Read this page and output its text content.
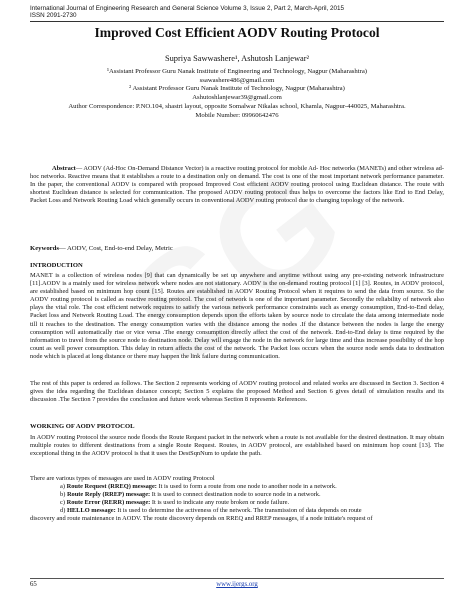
International Journal of Engineering Research and General Science Volume 3, Issue 2, Part 2, March-April, 2015
ISSN 2091-2730
Improved Cost Efficient AODV Routing Protocol
Supriya Sawwashere¹, Ashutosh Lanjewar²
¹Assistant Professor Guru Nanak Institute of Engineering and Technology, Nagpur (Maharashtra)
ssawashere486@gmail.com
² Assistant Professor Guru Nanak Institute of Technology, Nagpur (Maharashtra)
Ashutoshlanjewar39@gmail.com
Author Correspondence: P.NO.104, shastri layout, opposite Somalwar Nikalas school, Khamla, Nagpur-440025, Maharashtra.
Mobile Number: 09960642476

Abstract— AODV (Ad-Hoc On-Demand Distance Vector) is a reactive routing protocol for mobile Ad- Hoc networks (MANETs) and other wireless ad-hoc networks. Reactive means that it establishes a route to a destination only on demand. The cost is one of the most important network performance parameter. In the paper, the conventional AODV is compared with proposed Improved Cost efficient AODV routing protocol using Euclidean distance. The route with shortest Euclidean distance is selected for communication. The proposed AODV routing protocol thus helps to overcome the factors like End to End Delay, Packet Loss and Network Routing Load which generally occurs in conventional AODV routing protocol due to changing topology of the network.

Keywords— AODV, Cost, End-to-end Delay, Metric
INTRODUCTION

MANET is a collection of wireless nodes [9] that can dynamically be set up anywhere and anytime without using any pre-existing network infrastructure [11].AODV is a mainly used for wireless network where nodes are not stationary. AODV is the on-demand routing protocol [1] [3]. Routes, in AODV protocol, are established based on minimum hop count [15]. Routes are established in AODV Routing Protocol when it requires to send the data from source. So the AODV routing protocol is called as reactive routing protocol. The cost of network is one of the important parameter. Secondly the reliability of network also plays the vital role. The cost efficient network requires to satisfy the various network performance constraints such as energy consumption, End-to-End delay, Packet loss and Network Routing Load. The energy consumption depends upon the efforts taken by source node to circulate the data among intermediate node till it reaches to the destination. The energy consumption varies with the distance among the nodes .If the distance between the nodes is large the energy consumption will automatically rise or vice versa .The energy consumption directly affect the cost of the network. End-to-End delay is time required by the information to travel from the source node to destination node. Delay will engage the node in the network for large time and thus increase possibility of the hop count as well power consumption. This delay in return affects the cost of the network. The Packet loss occurs when the source node sends data to destination node which is placed at long distance or there may happen the link failure during communication.

The rest of this paper is ordered as follows. The Section 2 represents working of AODV routing protocol and related works are discussed in Section 3. Section 4 gives the idea regarding the Euclidean distance concept; Section 5 explains the proposed Method and Section 6 gives detail of simulation results and its discussion .The Section 7 provides the conclusion and future work whereas Section 8 represents References.

WORKING OF AODV PROTOCOL

In AODV routing Protocol the source node floods the Route Request packet in the network when a route is not available for the desired destination. It may obtain multiple routes to different destinations from a single Route Request. Routes, in AODV protocol, are established based on minimum hop count [13]. The exceptional thing in the AODV protocol is that it uses the DestSqnNum to update the path.

There are various types of messages are used in AODV routing Protocol
a) Route Request (RREQ) message: It is used to form a route from one node to another node in a network.
b) Route Reply (RREP) message: It is used to connect destination node to source node in a network.
c) Route Error (RERR) message: It is used to indicate any route broken or node failure.
d) HELLO message: It is used to determine the activeness of the network. The transmission of data depends on route
discovery and route maintenance in AODV. The route discovery depends on RREQ and RREP messages, if a node initiate's request of
65	www.ijergs.org
